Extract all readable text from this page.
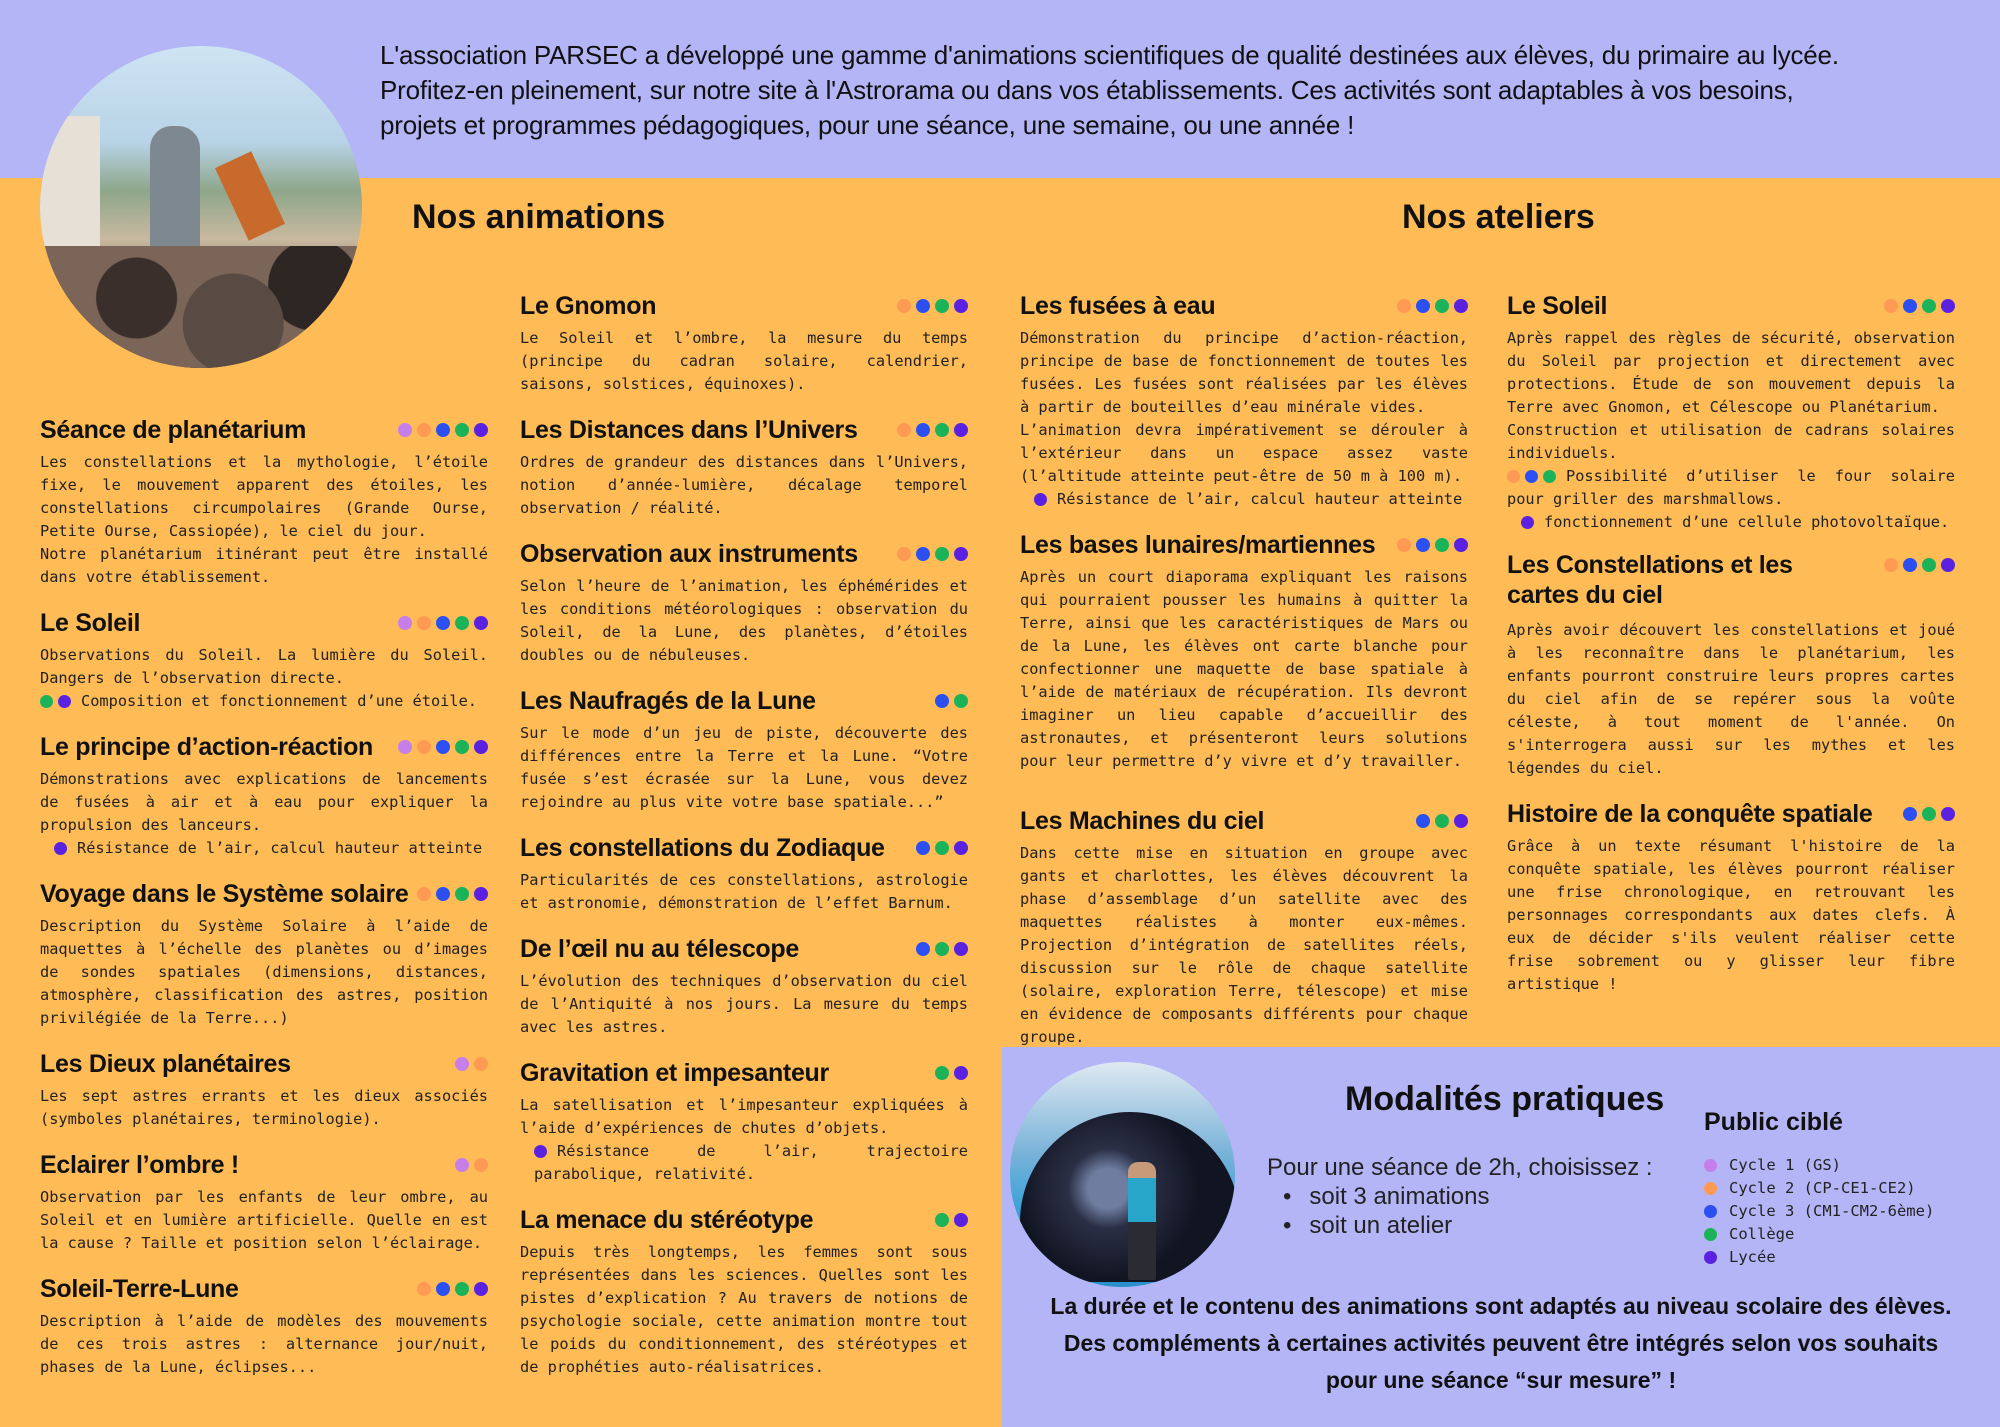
L'association PARSEC a développé une gamme d'animations scientifiques de qualité destinées aux élèves, du primaire au lycée.
Profitez-en pleinement, sur notre site à l'Astrorama ou dans vos établissements. Ces activités sont adaptables à vos besoins,
projets et programmes pédagogiques, pour une séance, une semaine, ou une année !
Nos animations	Nos ateliers
Séance de planétarium

Les constellations et la mythologie, l’étoile fixe, le mouvement apparent des étoiles, les constellations circumpolaires (Grande Ourse, Petite Ourse, Cassiopée), le ciel du jour.

Notre planétarium itinérant peut être installé dans votre établissement.

Le Soleil

Observations du Soleil. La lumière du Soleil. Dangers de l’observation directe.

Composition et fonctionnement d’une étoile.

Le principe d’action-réaction

Démonstrations avec explications de lancements de fusées à air et à eau pour expliquer la propulsion des lanceurs.

Résistance de l’air, calcul hauteur atteinte

Voyage dans le Système solaire

Description du Système Solaire à l’aide de maquettes à l’échelle des planètes ou d’images de sondes spatiales (dimensions, distances, atmosphère, classification des astres, position privilégiée de la Terre...)

Les Dieux planétaires

Les sept astres errants et les dieux associés (symboles planétaires, terminologie).

Eclairer l’ombre !

Observation par les enfants de leur ombre, au Soleil et en lumière artificielle. Quelle en est la cause ? Taille et position selon l’éclairage.

Soleil-Terre-Lune

Description à l’aide de modèles des mouvements de ces trois astres : alternance jour/nuit, phases de la Lune, éclipses...

Le Gnomon

Le Soleil et l’ombre, la mesure du temps (principe du cadran solaire, calendrier, saisons, solstices, équinoxes).

Les Distances dans l’Univers

Ordres de grandeur des distances dans l’Univers, notion d’année-lumière, décalage temporel observation / réalité.

Observation aux instruments

Selon l’heure de l’animation, les éphémérides et les conditions météorologiques : observation du Soleil, de la Lune, des planètes, d’étoiles doubles ou de nébuleuses.

Les Naufragés de la Lune

Sur le mode d’un jeu de piste, découverte des différences entre la Terre et la Lune. “Votre fusée s’est écrasée sur la Lune, vous devez rejoindre au plus vite votre base spatiale...”

Les constellations du Zodiaque

Particularités de ces constellations, astrologie et astronomie, démonstration de l’effet Barnum.

De l’œil nu au télescope

L’évolution des techniques d’observation du ciel de l’Antiquité à nos jours. La mesure du temps avec les astres.

Gravitation et impesanteur

La satellisation et l’impesanteur expliquées à l’aide d’expériences de chutes d’objets.

Résistance de l’air, trajectoire parabolique, relativité.

La menace du stéréotype

Depuis très longtemps, les femmes sont sous représentées dans les sciences. Quelles sont les pistes d’explication ? Au travers de notions de psychologie sociale, cette animation montre tout le poids du conditionnement, des stéréotypes et de prophéties auto-réalisatrices.

Les fusées à eau

Démonstration du principe d’action-réaction, principe de base de fonctionnement de toutes les fusées. Les fusées sont réalisées par les élèves à partir de bouteilles d’eau minérale vides.

L’animation devra impérativement se dérouler à l’extérieur dans un espace assez vaste (l’altitude atteinte peut-être de 50 m à 100 m).

Résistance de l’air, calcul hauteur atteinte

Les bases lunaires/martiennes

Après un court diaporama expliquant les raisons qui pourraient pousser les humains à quitter la Terre, ainsi que les caractéristiques de Mars ou de la Lune, les élèves ont carte blanche pour confectionner une maquette de base spatiale à l’aide de matériaux de récupération. Ils devront imaginer un lieu capable d’accueillir des astronautes, et présenteront leurs solutions pour leur permettre d’y vivre et d’y travailler.

Les Machines du ciel

Dans cette mise en situation en groupe avec gants et charlottes, les élèves découvrent la phase d’assemblage d’un satellite avec des maquettes réalistes à monter eux-mêmes. Projection d’intégration de satellites réels, discussion sur le rôle de chaque satellite (solaire, exploration Terre, télescope) et mise en évidence de composants différents pour chaque groupe.

Le Soleil

Après rappel des règles de sécurité, observation du Soleil par projection et directement avec protections. Étude de son mouvement depuis la Terre avec Gnomon, et Célescope ou Planétarium.

Construction et utilisation de cadrans solaires individuels.

Possibilité d’utiliser le four solaire pour griller des marshmallows.

fonctionnement d’une cellule photovoltaïque.

Les Constellations et les cartes du ciel

Après avoir découvert les constellations et joué à les reconnaître dans le planétarium, les enfants pourront construire leurs propres cartes du ciel afin de se repérer sous la voûte céleste, à tout moment de l'année. On s'interrogera aussi sur les mythes et les légendes du ciel.

Histoire de la conquête spatiale

Grâce à un texte résumant l'histoire de la conquête spatiale, les élèves pourront réaliser une frise chronologique, en retrouvant les personnages correspondants aux dates clefs. À eux de décider s'ils veulent réaliser cette frise sobrement ou y glisser leur fibre artistique !

Modalités pratiques
Pour une séance de 2h, choisissez :
• soit 3 animations
• soit un atelier
Public ciblé
Cycle 1 (GS)
Cycle 2 (CP-CE1-CE2)
Cycle 3 (CM1-CM2-6ème)
Collège
Lycée
La durée et le contenu des animations sont adaptés au niveau scolaire des élèves.
Des compléments à certaines activités peuvent être intégrés selon vos souhaits
pour une séance “sur mesure” !
